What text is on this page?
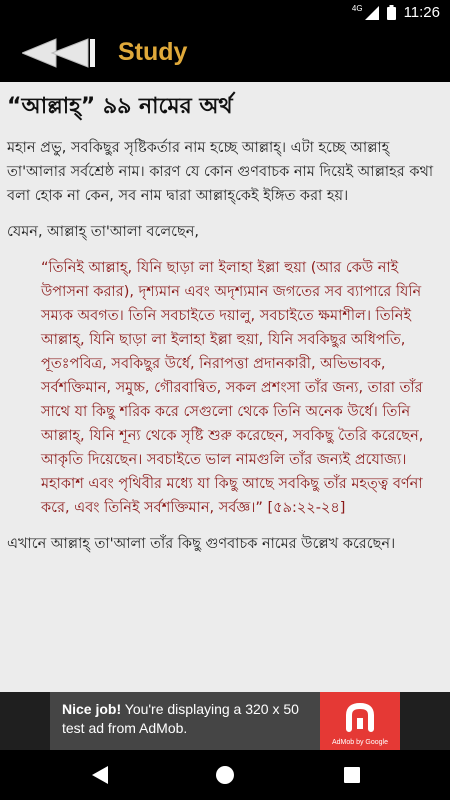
4G	11:26
Study
“আল্লাহ্” ৯৯ নামের অর্থ

মহান প্রভু, সবকিছুর সৃষ্টিকর্তার নাম হচ্ছে আল্লাহ্। এটা হচ্ছে আল্লাহ্ তা'আলার সর্বশ্রেষ্ঠ নাম। কারণ যে কোন গুণবাচক নাম দিয়েই আল্লাহর কথা বলা হোক না কেন, সব নাম দ্বারা আল্লাহ্‌কেই ইঙ্গিত করা হয়।

যেমন, আল্লাহ্ তা'আলা বলেছেন,

“তিনিই আল্লাহ্, যিনি ছাড়া লা ইলাহা ইল্লা হুয়া (আর কেউ নাই উপাসনা করার), দৃশ্যমান এবং অদৃশ্যমান জগতের সব ব্যাপারে যিনি সম্যক অবগত। তিনি সবচাইতে দয়ালু, সবচাইতে ক্ষমাশীল। তিনিই আল্লাহ্, যিনি ছাড়া লা ইলাহা ইল্লা হুয়া, যিনি সবকিছুর অধিপতি, পূতঃপবিত্র, সবকিছুর উর্ধে, নিরাপত্তা প্রদানকারী, অভিভাবক, সর্বশক্তিমান, সমুচ্চ, গৌরবান্বিত, সকল প্রশংসা তাঁর জন্য, তারা তাঁর সাথে যা কিছু শরিক করে সেগুলো থেকে তিনি অনেক উর্ধে। তিনি আল্লাহ্, যিনি শূন্য থেকে সৃষ্টি শুরু করেছেন, সবকিছু তৈরি করেছেন, আকৃতি দিয়েছেন। সবচাইতে ভাল নামগুলি তাঁর জন্যই প্রযোজ্য। মহাকাশ এবং পৃথিবীর মধ্যে যা কিছু আছে সবকিছু তাঁর মহত্ত্ব বর্ণনা করে, এবং তিনিই সর্বশক্তিমান, সর্বজ্ঞ।” [৫৯:২২-২৪]

এখানে আল্লাহ্ তা'আলা তাঁর কিছু গুণবাচক নামের উল্লেখ করেছেন।

Nice job! You're displaying a 320 x 50 test ad from AdMob.
AdMob by Google
